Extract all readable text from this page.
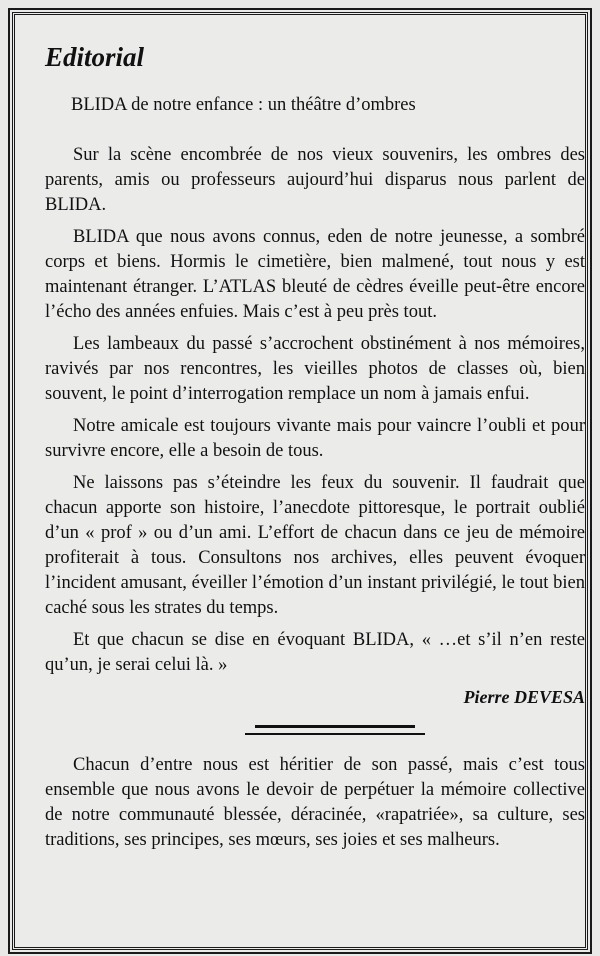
Editorial
BLIDA de notre enfance : un théâtre d’ombres

Sur la scène encombrée de nos vieux souvenirs, les ombres des parents, amis ou professeurs aujourd’hui disparus nous parlent de BLIDA.

BLIDA que nous avons connus, eden de notre jeunesse, a sombré corps et biens. Hormis le cimetière, bien malmené, tout nous y est maintenant étranger. L’ATLAS bleuté de cèdres éveille peut-être encore l’écho des années enfuies. Mais c’est à peu près tout.

Les lambeaux du passé s’accrochent obstinément à nos mémoires, ravivés par nos rencontres, les vieilles photos de classes où, bien souvent, le point d’interrogation remplace un nom à jamais enfui.

Notre amicale est toujours vivante mais pour vaincre l’oubli et pour survivre encore, elle a besoin de tous.

Ne laissons pas s’éteindre les feux du souvenir. Il faudrait que chacun apporte son histoire, l’anecdote pittoresque, le portrait oublié d’un « prof » ou d’un ami. L’effort de chacun dans ce jeu de mémoire profiterait à tous. Consultons nos archives, elles peuvent évoquer l’incident amusant, éveiller l’émotion d’un instant privilégié, le tout bien caché sous les strates du temps.

Et que chacun se dise en évoquant BLIDA, « …et s’il n’en reste qu’un, je serai celui là. »

Pierre DEVESA

Chacun d’entre nous est héritier de son passé, mais c’est tous ensemble que nous avons le devoir de perpétuer la mémoire collective de notre communauté blessée, déracinée, «rapatriée», sa culture, ses traditions, ses principes, ses mœurs, ses joies et ses malheurs.
